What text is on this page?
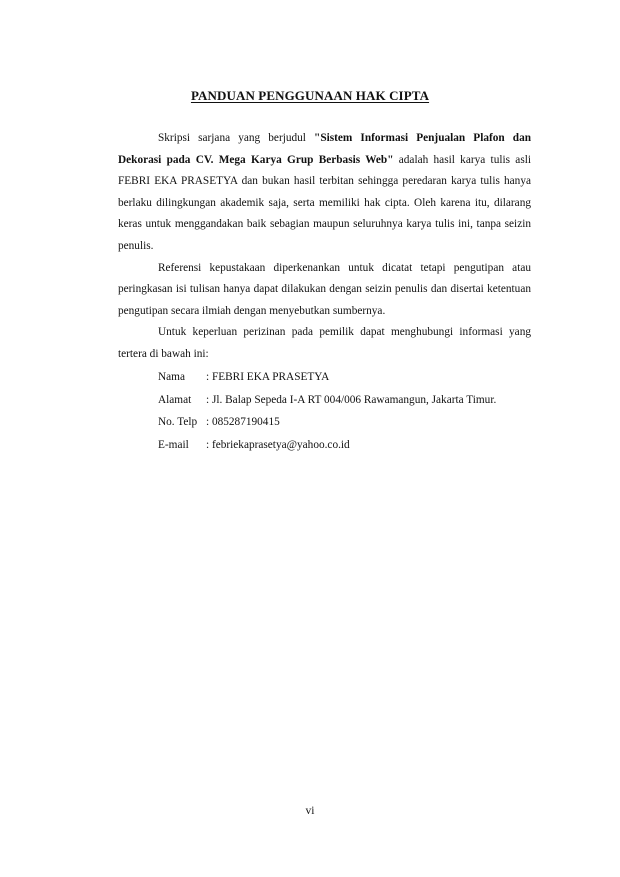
PANDUAN PENGGUNAAN HAK CIPTA

Skripsi sarjana yang berjudul "Sistem Informasi Penjualan Plafon dan Dekorasi pada CV. Mega Karya Grup Berbasis Web" adalah hasil karya tulis asli FEBRI EKA PRASETYA dan bukan hasil terbitan sehingga peredaran karya tulis hanya berlaku dilingkungan akademik saja, serta memiliki hak cipta. Oleh karena itu, dilarang keras untuk menggandakan baik sebagian maupun seluruhnya karya tulis ini, tanpa seizin penulis.

Referensi kepustakaan diperkenankan untuk dicatat tetapi pengutipan atau peringkasan isi tulisan hanya dapat dilakukan dengan seizin penulis dan disertai ketentuan pengutipan secara ilmiah dengan menyebutkan sumbernya.

Untuk keperluan perizinan pada pemilik dapat menghubungi informasi yang tertera di bawah ini:

Nama	: FEBRI EKA PRASETYA
Alamat	: Jl. Balap Sepeda I-A RT 004/006 Rawamangun, Jakarta Timur.
No. Telp : 085287190415
E-mail	: febriekaprasetya@yahoo.co.id
vi
